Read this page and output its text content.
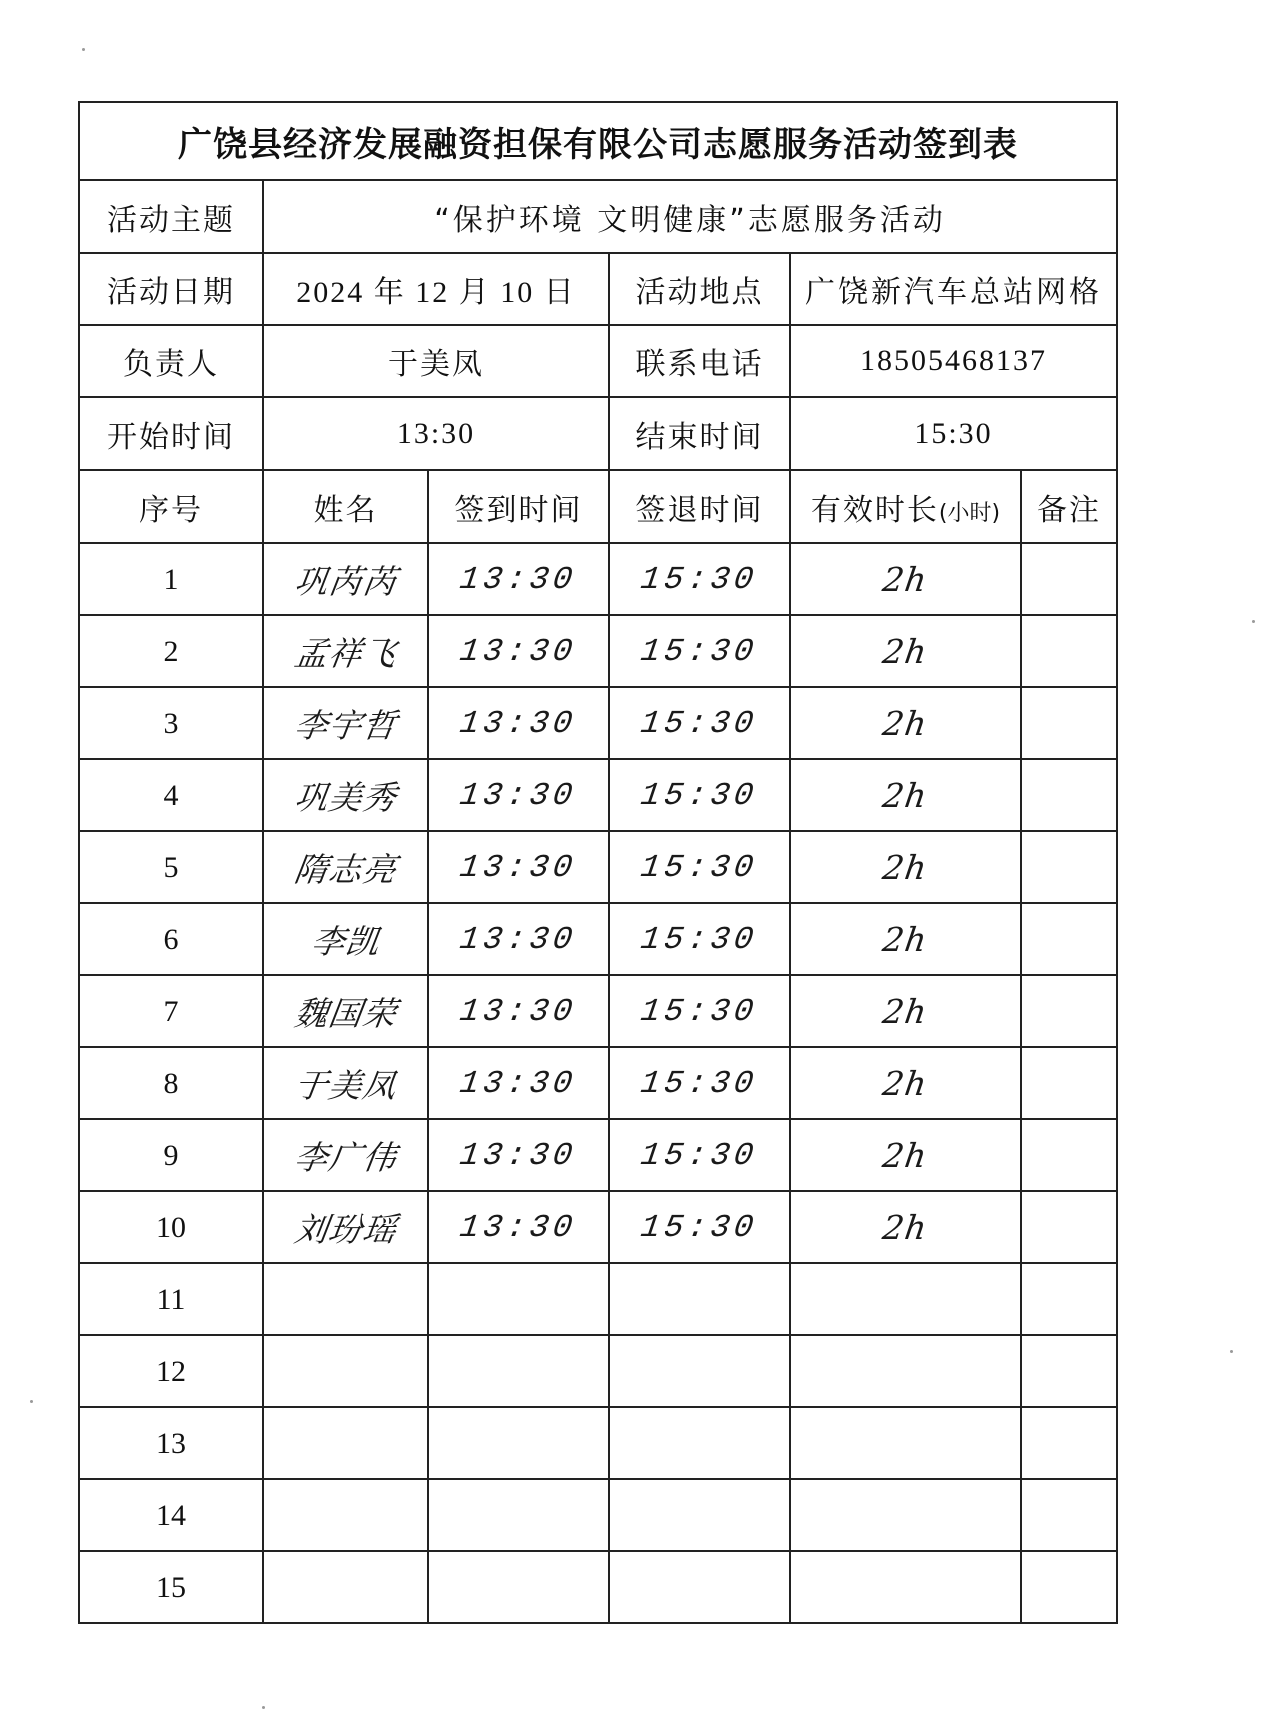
广饶县经济发展融资担保有限公司志愿服务活动签到表					
活动主题	“保护环境 文明健康”志愿服务活动				
活动日期	2024 年 12 月 10 日		活动地点	广饶新汽车总站网格	
负责人	于美凤		联系电话	18505468137	
开始时间	13:30		结束时间	15:30	
序号	姓名	签到时间	签退时间	有效时长(小时)	备注
1	巩芮芮	13:30	15:30	2h	
2	孟祥飞	13:30	15:30	2h	
3	李宇哲	13:30	15:30	2h	
4	巩美秀	13:30	15:30	2h	
5	隋志亮	13:30	15:30	2h	
6	李凯	13:30	15:30	2h	
7	魏国荣	13:30	15:30	2h	
8	于美凤	13:30	15:30	2h	
9	李广伟	13:30	15:30	2h	
10	刘玢瑶	13:30	15:30	2h	
11					
12					
13					
14					
15					
